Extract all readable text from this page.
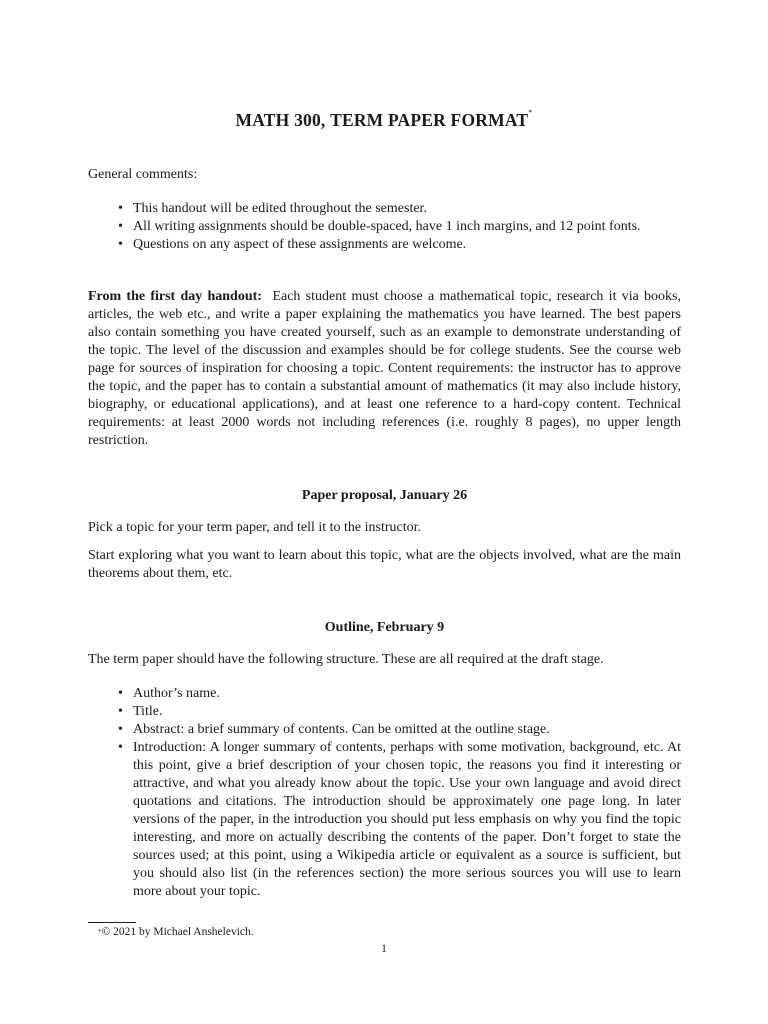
MATH 300, TERM PAPER FORMAT*

General comments:

• This handout will be edited throughout the semester.
• All writing assignments should be double-spaced, have 1 inch margins, and 12 point fonts.
• Questions on any aspect of these assignments are welcome.

From the first day handout: Each student must choose a mathematical topic, research it via books, articles, the web etc., and write a paper explaining the mathematics you have learned. The best papers also contain something you have created yourself, such as an example to demonstrate understanding of the topic. The level of the discussion and examples should be for college students. See the course web page for sources of inspiration for choosing a topic. Content requirements: the instructor has to approve the topic, and the paper has to contain a substantial amount of mathematics (it may also include history, biography, or educational applications), and at least one reference to a hard-copy content. Technical requirements: at least 2000 words not including references (i.e. roughly 8 pages), no upper length restriction.

Paper proposal, January 26

Pick a topic for your term paper, and tell it to the instructor.

Start exploring what you want to learn about this topic, what are the objects involved, what are the main theorems about them, etc.

Outline, February 9

The term paper should have the following structure. These are all required at the draft stage.

• Author’s name.
• Title.
• Abstract: a brief summary of contents. Can be omitted at the outline stage.
• Introduction: A longer summary of contents, perhaps with some motivation, background, etc. At this point, give a brief description of your chosen topic, the reasons you find it interesting or attractive, and what you already know about the topic. Use your own language and avoid direct quotations and citations. The introduction should be approximately one page long. In later versions of the paper, in the introduction you should put less emphasis on why you find the topic interesting, and more on actually describing the contents of the paper. Don’t forget to state the sources used; at this point, using a Wikipedia article or equivalent as a source is sufficient, but you should also list (in the references section) the more serious sources you will use to learn more about your topic.
*© 2021 by Michael Anshelevich.
1
